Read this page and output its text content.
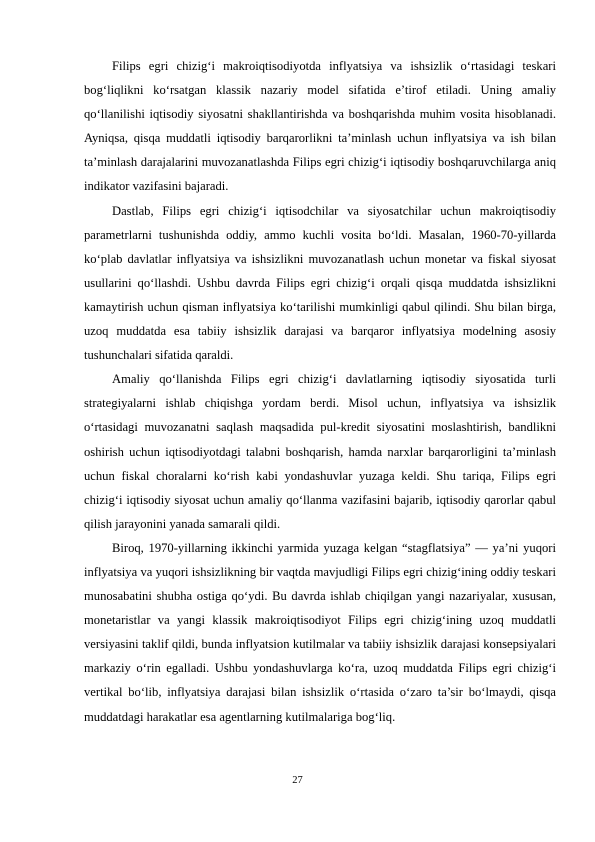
Filips egri chizig‘i makroiqtisodiyotda inflyatsiya va ishsizlik o‘rtasidagi teskari bog‘liqlikni ko‘rsatgan klassik nazariy model sifatida e’tirof etiladi. Uning amaliy qo‘llanilishi iqtisodiy siyosatni shakllantirishda va boshqarishda muhim vosita hisoblanadi. Ayniqsa, qisqa muddatli iqtisodiy barqarorlikni ta’minlash uchun inflyatsiya va ish bilan ta’minlash darajalarini muvozanatlashda Filips egri chizig‘i iqtisodiy boshqaruvchilarga aniq indikator vazifasini bajaradi.

Dastlab, Filips egri chizig‘i iqtisodchilar va siyosatchilar uchun makroiqtisodiy parametrlarni tushunishda oddiy, ammo kuchli vosita bo‘ldi. Masalan, 1960-70-yillarda ko‘plab davlatlar inflyatsiya va ishsizlikni muvozanatlash uchun monetar va fiskal siyosat usullarini qo‘llashdi. Ushbu davrda Filips egri chizig‘i orqali qisqa muddatda ishsizlikni kamaytirish uchun qisman inflyatsiya ko‘tarilishi mumkinligi qabul qilindi. Shu bilan birga, uzoq muddatda esa tabiiy ishsizlik darajasi va barqaror inflyatsiya modelning asosiy tushunchalari sifatida qaraldi.

Amaliy qo‘llanishda Filips egri chizig‘i davlatlarning iqtisodiy siyosatida turli strategiyalarni ishlab chiqishga yordam berdi. Misol uchun, inflyatsiya va ishsizlik o‘rtasidagi muvozanatni saqlash maqsadida pul-kredit siyosatini moslashtirish, bandlikni oshirish uchun iqtisodiyotdagi talabni boshqarish, hamda narxlar barqarorligini ta’minlash uchun fiskal choralarni ko‘rish kabi yondashuvlar yuzaga keldi. Shu tariqa, Filips egri chizig‘i iqtisodiy siyosat uchun amaliy qo‘llanma vazifasini bajarib, iqtisodiy qarorlar qabul qilish jarayonini yanada samarali qildi.

Biroq, 1970-yillarning ikkinchi yarmida yuzaga kelgan “stagflatsiya” — ya’ni yuqori inflyatsiya va yuqori ishsizlikning bir vaqtda mavjudligi Filips egri chizig‘ining oddiy teskari munosabatini shubha ostiga qo‘ydi. Bu davrda ishlab chiqilgan yangi nazariyalar, xususan, monetaristlar va yangi klassik makroiqtisodiyot Filips egri chizig‘ining uzoq muddatli versiyasini taklif qildi, bunda inflyatsion kutilmalar va tabiiy ishsizlik darajasi konsepsiyalari markaziy o‘rin egalladi. Ushbu yondashuvlarga ko‘ra, uzoq muddatda Filips egri chizig‘i vertikal bo‘lib, inflyatsiya darajasi bilan ishsizlik o‘rtasida o‘zaro ta’sir bo‘lmaydi, qisqa muddatdagi harakatlar esa agentlarning kutilmalariga bog‘liq.

27
